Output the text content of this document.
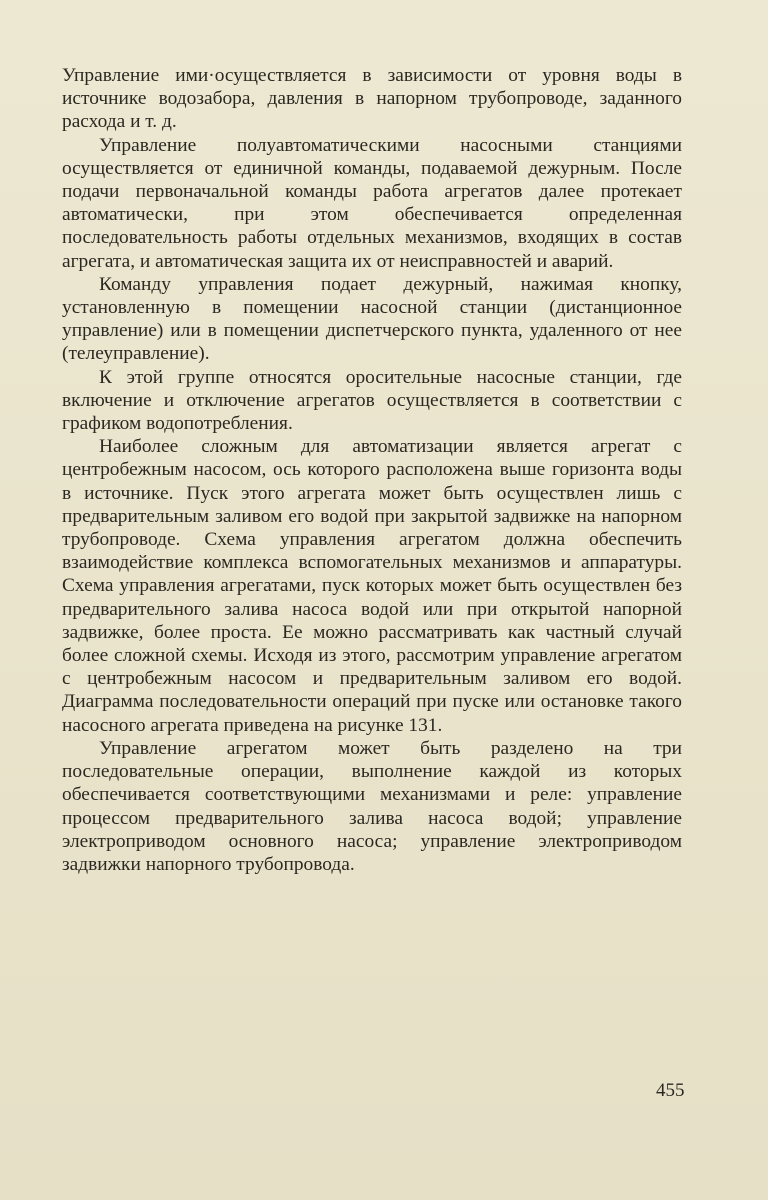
Управление ими·осуществляется в зависимости от уровня воды в источнике водозабора, давления в напорном трубопроводе, заданного расхода и т. д.

Управление полуавтоматическими насосными станциями осуществляется от единичной команды, подаваемой дежурным. После подачи первоначальной команды работа агрегатов далее протекает автоматически, при этом обеспечивается определенная последовательность работы отдельных механизмов, входящих в состав агрегата, и автоматическая защита их от неисправностей и аварий.

Команду управления подает дежурный, нажимая кнопку, установленную в помещении насосной станции (дистанционное управление) или в помещении диспетчерского пункта, удаленного от нее (телеуправление).

К этой группе относятся оросительные насосные станции, где включение и отключение агрегатов осуществляется в соответствии с графиком водопотребления.

Наиболее сложным для автоматизации является агрегат с центробежным насосом, ось которого расположена выше горизонта воды в источнике. Пуск этого агрегата может быть осуществлен лишь с предварительным заливом его водой при закрытой задвижке на напорном трубопроводе. Схема управления агрегатом должна обеспечить взаимодействие комплекса вспомогательных механизмов и аппаратуры. Схема управления агрегатами, пуск которых может быть осуществлен без предварительного залива насоса водой или при открытой напорной задвижке, более проста. Ее можно рассматривать как частный случай более сложной схемы. Исходя из этого, рассмотрим управление агрегатом с центробежным насосом и предварительным заливом его водой. Диаграмма последовательности операций при пуске или остановке такого насосного агрегата приведена на рисунке 131.

Управление агрегатом может быть разделено на три последовательные операции, выполнение каждой из которых обеспечивается соответствующими механизмами и реле: управление процессом предварительного залива насоса водой; управление электроприводом основного насоса; управление электроприводом задвижки напорного трубопровода.

455
